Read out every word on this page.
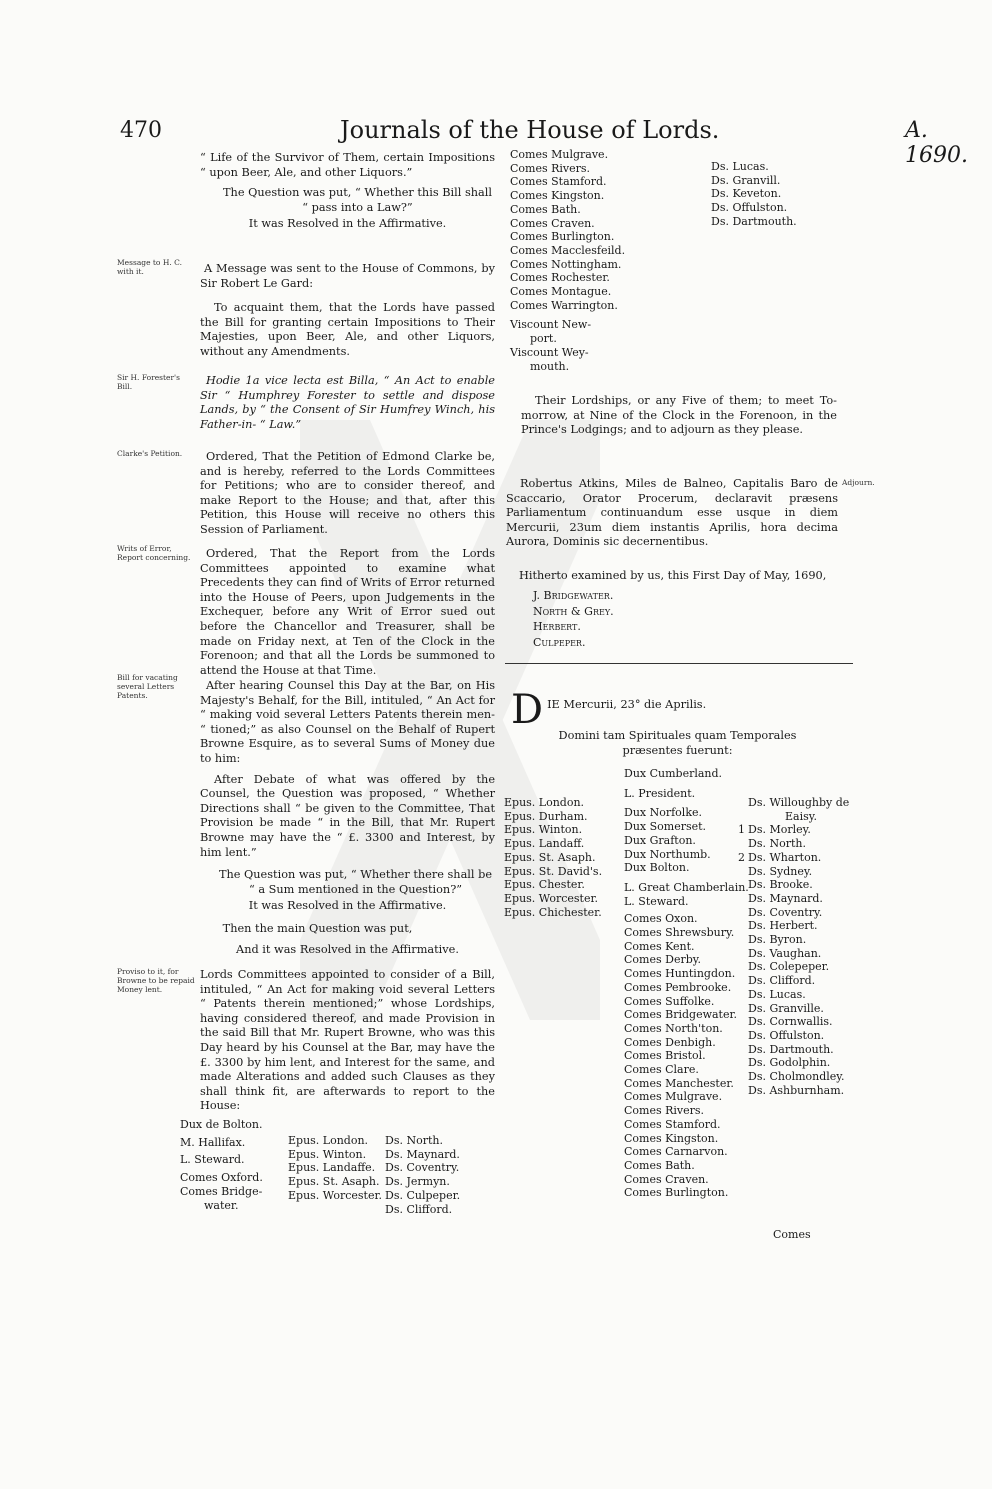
470	Journals of the House of Lords.	A. 1690.

“ Life of the Survivor of Them, certain Impositions “ upon Beer, Ale, and other Liquors.”

The Question was put, “ Whether this Bill shall “ pass into a Law?”

It was Resolved in the Affirmative.

Message to H. C. with it.	A Message was sent to the House of Commons, by Sir Robert Le Gard:

To acquaint them, that the Lords have passed the Bill for granting certain Impositions to Their Majesties, upon Beer, Ale, and other Liquors, without any Amendments.

Sir H. Forester's Bill.	Hodie 1a vice lecta est Billa, “ An Act to enable Sir “ Humphrey Forester to settle and dispose Lands, by “ the Consent of Sir Humfrey Winch, his Father-in- “ Law.”

Clarke's Petition.	Ordered, That the Petition of Edmond Clarke be, and is hereby, referred to the Lords Committees for Petitions; who are to consider thereof, and make Report to the House; and that, after this Petition, this House will receive no others this Session of Parliament.

Writs of Error, Report concerning.	Ordered, That the Report from the Lords Committees appointed to examine what Precedents they can find of Writs of Error returned into the House of Peers, upon Judgements in the Exchequer, before any Writ of Error sued out before the Chancellor and Treasurer, shall be made on Friday next, at Ten of the Clock in the Forenoon; and that all the Lords be summoned to attend the House at that Time.

Bill for vacating several Letters Patents.

After hearing Counsel this Day at the Bar, on His Majesty's Behalf, for the Bill, intituled, “ An Act for “ making void several Letters Patents therein men- “ tioned;” as also Counsel on the Behalf of Rupert Browne Esquire, as to several Sums of Money due to him:

After Debate of what was offered by the Counsel, the Question was proposed, “ Whether Directions shall “ be given to the Committee, That Provision be made “ in the Bill, that Mr. Rupert Browne may have the “ £. 3300 and Interest, by him lent.”

The Question was put, “ Whether there shall be “ a Sum mentioned in the Question?”

It was Resolved in the Affirmative.

Then the main Question was put,

And it was Resolved in the Affirmative.

Proviso to it, for Browne to be repaid Money lent.

Lords Committees appointed to consider of a Bill, intituled, “ An Act for making void several Letters “ Patents therein mentioned;” whose Lordships, having considered thereof, and made Provision in the said Bill that Mr. Rupert Browne, who was this Day heard by his Counsel at the Bar, may have the £. 3300 by him lent, and Interest for the same, and made Alterations and added such Clauses as they shall think fit, are afterwards to report to the House:

Dux de Bolton.
M. Hallifax.
L. Steward.
Comes Oxford.
Comes Bridge-
water.
Epus. London.
Epus. Winton.
Epus. Landaffe.
Epus. St. Asaph.
Epus. Worcester.
Ds. North.
Ds. Maynard.
Ds. Coventry.
Ds. Jermyn.
Ds. Culpeper.
Ds. Clifford.
Comes Mulgrave.
Comes Rivers.
Comes Stamford.
Comes Kingston.
Comes Bath.
Comes Craven.
Comes Burlington.
Comes Macclesfeild.
Comes Nottingham.
Comes Rochester.
Comes Montague.
Comes Warrington.
Viscount New-
port.
Viscount Wey-
mouth.
Ds. Lucas.
Ds. Granvill.
Ds. Keveton.
Ds. Offulston.
Ds. Dartmouth.

Their Lordships, or any Five of them; to meet To-morrow, at Nine of the Clock in the Forenoon, in the Prince's Lodgings; and to adjourn as they please.

Adjourn.

Robertus Atkins, Miles de Balneo, Capitalis Baro de Scaccario, Orator Procerum, declaravit præsens Parliamentum continuandum esse usque in diem Mercurii, 23um diem instantis Aprilis, hora decima Aurora, Dominis sic decernentibus.

Hitherto examined by us, this First Day of May, 1690,

J. Bridgewater.
North & Grey.
Herbert.
Culpeper.
D IE Mercurii, 23° die Aprilis.

Domini tam Spirituales quam Temporales præsentes fuerunt:

Epus. London.
Epus. Durham.
Epus. Winton.
Epus. Landaff.
Epus. St. Asaph.
Epus. St. David's.
Epus. Chester.
Epus. Worcester.
Epus. Chichester.
Dux Cumberland.
L. President.
Dux Norfolke.
Dux Somerset.
Dux Grafton.
Dux Northumb.
Dux Bolton.
L. Great Chamberlain.
L. Steward.
Comes Oxon.
Comes Shrewsbury.
Comes Kent.
Comes Derby.
Comes Huntingdon.
Comes Pembrooke.
Comes Suffolke.
Comes Bridgewater.
Comes North'ton.
Comes Denbigh.
Comes Bristol.
Comes Clare.
Comes Manchester.
Comes Mulgrave.
Comes Rivers.
Comes Stamford.
Comes Kingston.
Comes Carnarvon.
Comes Bath.
Comes Craven.
Comes Burlington.
Ds. Willoughby de
Eaisy.
1 Ds. Morley.
Ds. North.
2 Ds. Wharton.
Ds. Sydney.
Ds. Brooke.
Ds. Maynard.
Ds. Coventry.
Ds. Herbert.
Ds. Byron.
Ds. Vaughan.
Ds. Colepeper.
Ds. Clifford.
Ds. Lucas.
Ds. Granville.
Ds. Cornwallis.
Ds. Offulston.
Ds. Dartmouth.
Ds. Godolphin.
Ds. Cholmondley.
Ds. Ashburnham.
Comes
